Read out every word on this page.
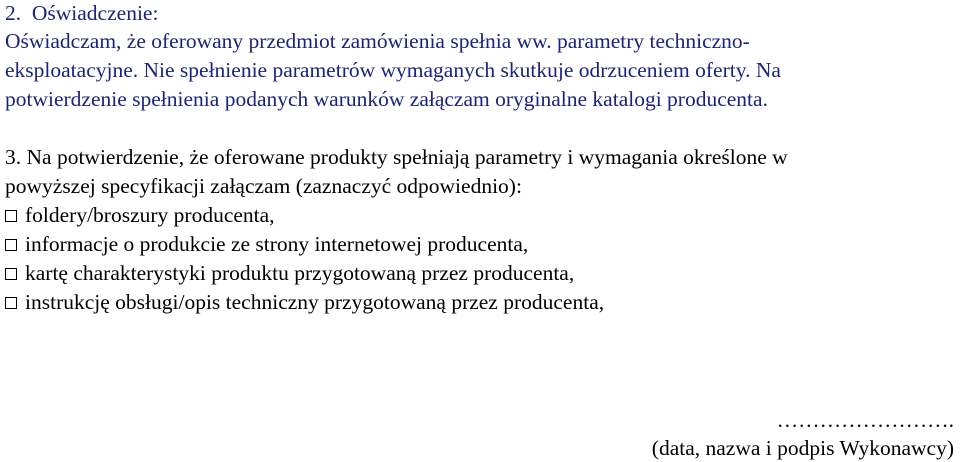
2.  Oświadczenie:
Oświadczam, że oferowany przedmiot zamówienia spełnia ww. parametry techniczno-
eksploatacyjne. Nie spełnienie parametrów wymaganych skutkuje odrzuceniem oferty. Na
potwierdzenie spełnienia podanych warunków załączam oryginalne katalogi producenta.
3. Na potwierdzenie, że oferowane produkty spełniają parametry i wymagania określone w
powyższej specyfikacji załączam (zaznaczyć odpowiednio):
foldery/broszury producenta,
informacje o produkcie ze strony internetowej producenta,
kartę charakterystyki produktu przygotowaną przez producenta,
instrukcję obsługi/opis techniczny przygotowaną przez producenta,
…………………….
(data, nazwa i podpis Wykonawcy)
